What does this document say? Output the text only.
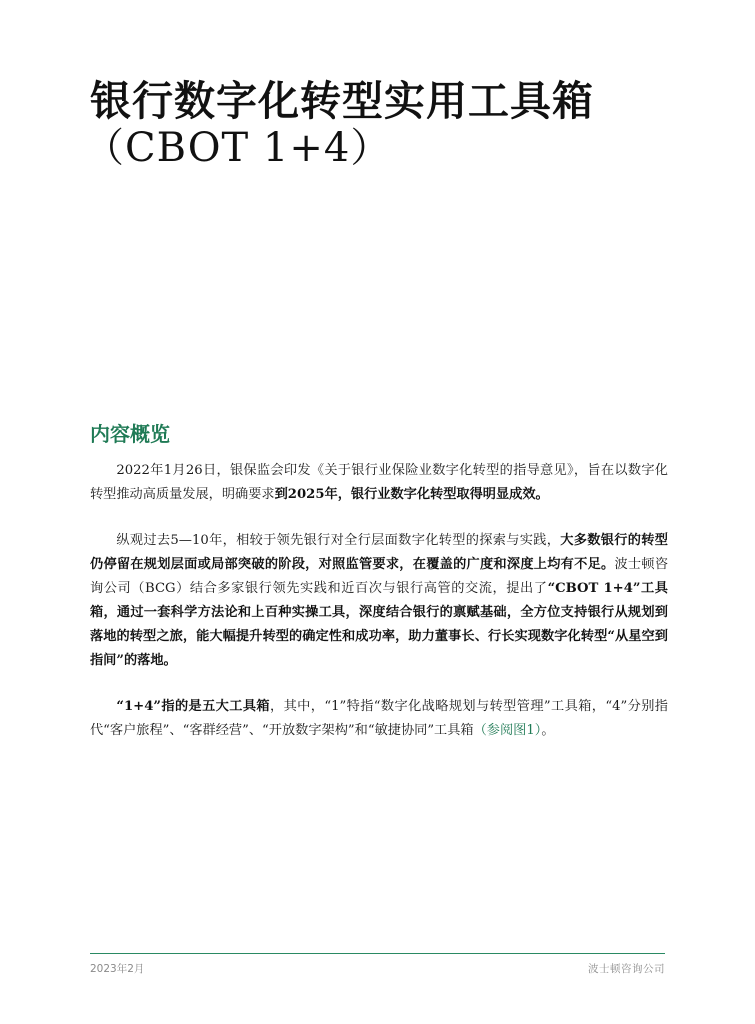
银行数字化转型实用工具箱
（CBOT 1+4）
内容概览

2022年1月26日，银保监会印发《关于银行业保险业数字化转型的指导意见》，旨在以数字化转型推动高质量发展，明确要求到2025年，银行业数字化转型取得明显成效。

纵观过去5—10年，相较于领先银行对全行层面数字化转型的探索与实践，大多数银行的转型仍停留在规划层面或局部突破的阶段，对照监管要求，在覆盖的广度和深度上均有不足。波士顿咨询公司（BCG）结合多家银行领先实践和近百次与银行高管的交流，提出了“CBOT 1+4”工具箱，通过一套科学方法论和上百种实操工具，深度结合银行的禀赋基础，全方位支持银行从规划到落地的转型之旅，能大幅提升转型的确定性和成功率，助力董事长、行长实现数字化转型“从星空到指间”的落地。

“1+4”指的是五大工具箱，其中，“1”特指“数字化战略规划与转型管理”工具箱，“4”分别指代“客户旅程”、“客群经营”、“开放数字架构”和“敏捷协同”工具箱（参阅图1）。

2023年2月	波士顿咨询公司
